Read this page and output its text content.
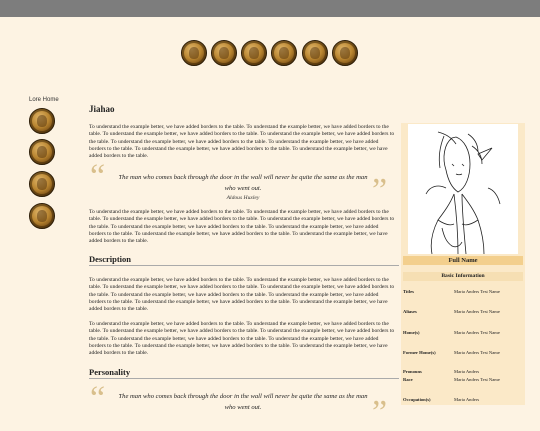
Lore Home
Jiahao

To understand the example better, we have added borders to the table. To understand the example better, we have added borders to the table. To understand the example better, we have added borders to the table. To understand the example better, we have added borders to the table. To understand the example better, we have added borders to the table. To understand the example better, we have added borders to the table. To understand the example better, we have added borders to the table. To understand the example better, we have added borders to the table.

“ The man who comes back through the door in the wall will never be quite the same as the man who went out.
Aldous Huxley	”

To understand the example better, we have added borders to the table. To understand the example better, we have added borders to the table. To understand the example better, we have added borders to the table. To understand the example better, we have added borders to the table. To understand the example better, we have added borders to the table. To understand the example better, we have added borders to the table. To understand the example better, we have added borders to the table. To understand the example better, we have added borders to the table.

Description

To understand the example better, we have added borders to the table. To understand the example better, we have added borders to the table. To understand the example better, we have added borders to the table. To understand the example better, we have added borders to the table. To understand the example better, we have added borders to the table. To understand the example better, we have added borders to the table. To understand the example better, we have added borders to the table. To understand the example better, we have added borders to the table.

To understand the example better, we have added borders to the table. To understand the example better, we have added borders to the table. To understand the example better, we have added borders to the table. To understand the example better, we have added borders to the table. To understand the example better, we have added borders to the table. To understand the example better, we have added borders to the table. To understand the example better, we have added borders to the table. To understand the example better, we have added borders to the table.

Personality
“ The man who comes back through the door in the wall will never be quite the same as the man who went out.	”
Full Name
Basic Information
Titles	Maria Anders Test Name
Aliases	Maria Anders Test Name
Home(s)	Maria Anders Test Name
Former Home(s)	Maria Anders Test Name
Pronouns	Maria Anders
Race	Maria Anders Test Name
Occupation(s)	Maria Anders
